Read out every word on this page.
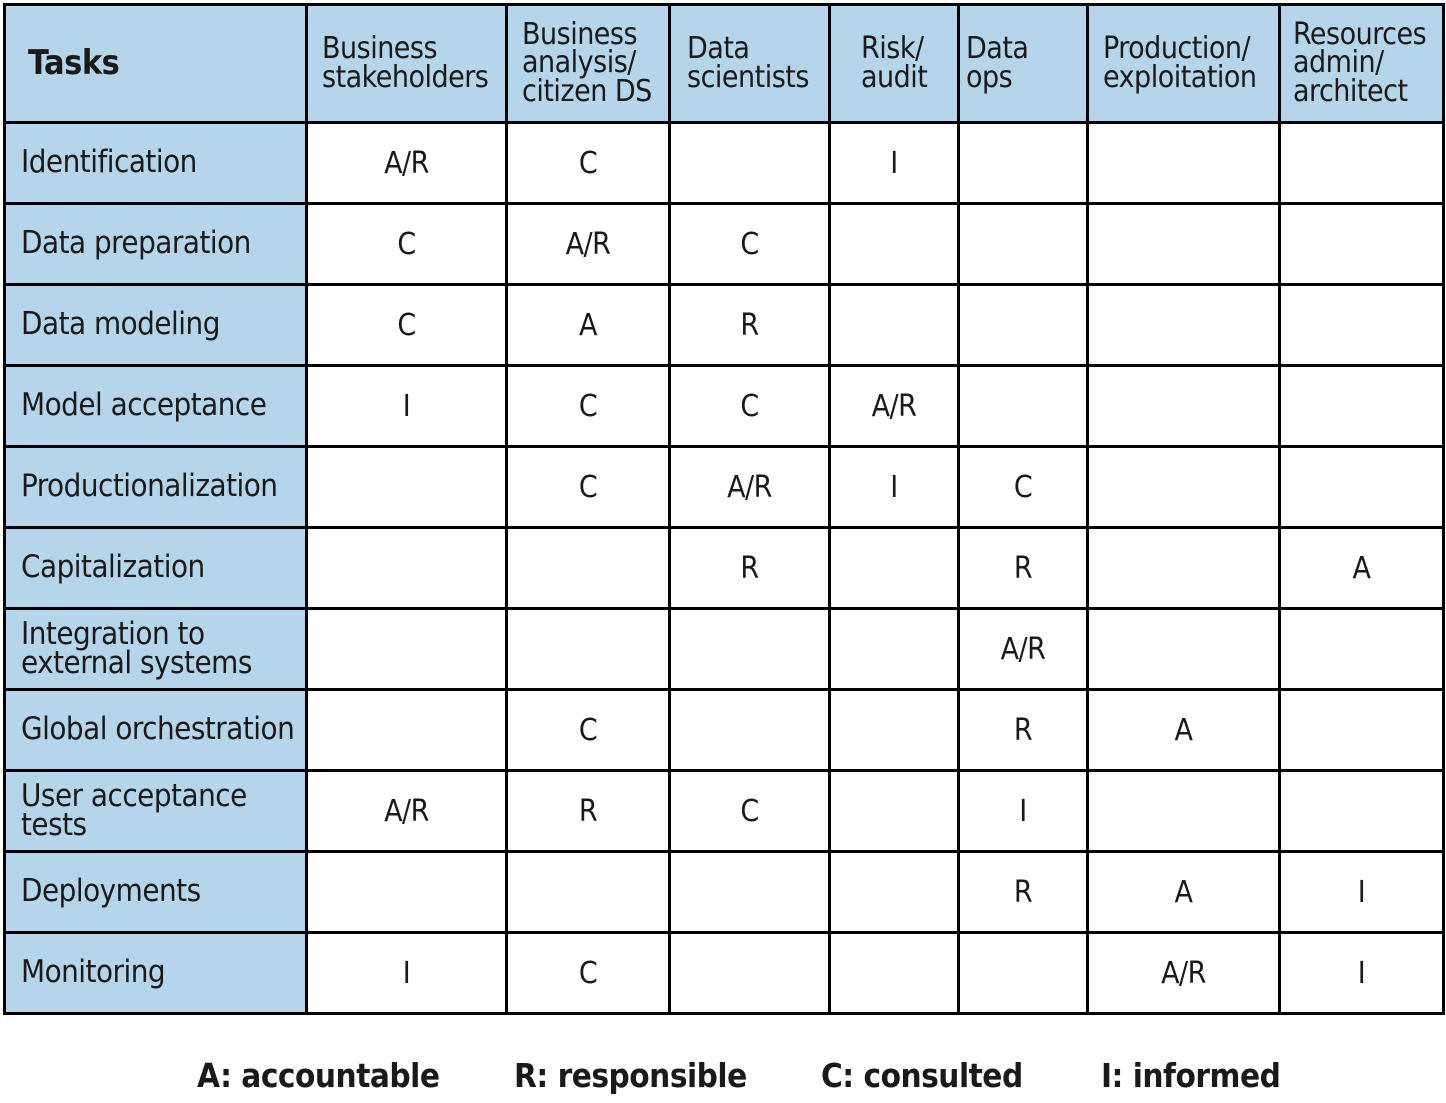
Tasks	Business stakeholders	Business analysis/ citizen DS	Data scientists	Risk/ audit	Data ops	Production/ exploitation	Resources admin/ architect
Identification	A/R	C		I			
Data preparation	C	A/R	C				
Data modeling	C	A	R				
Model acceptance	I	C	C	A/R			
Productionalization		C	A/R	I	C		
Capitalization			R		R		A
Integration to external systems					A/R		
Global orchestration		C			R	A	
User acceptance tests	A/R	R	C		I		
Deployments					R	A	I
Monitoring	I	C				A/R	I
A: accountable R: responsible C: consulted I: informed
